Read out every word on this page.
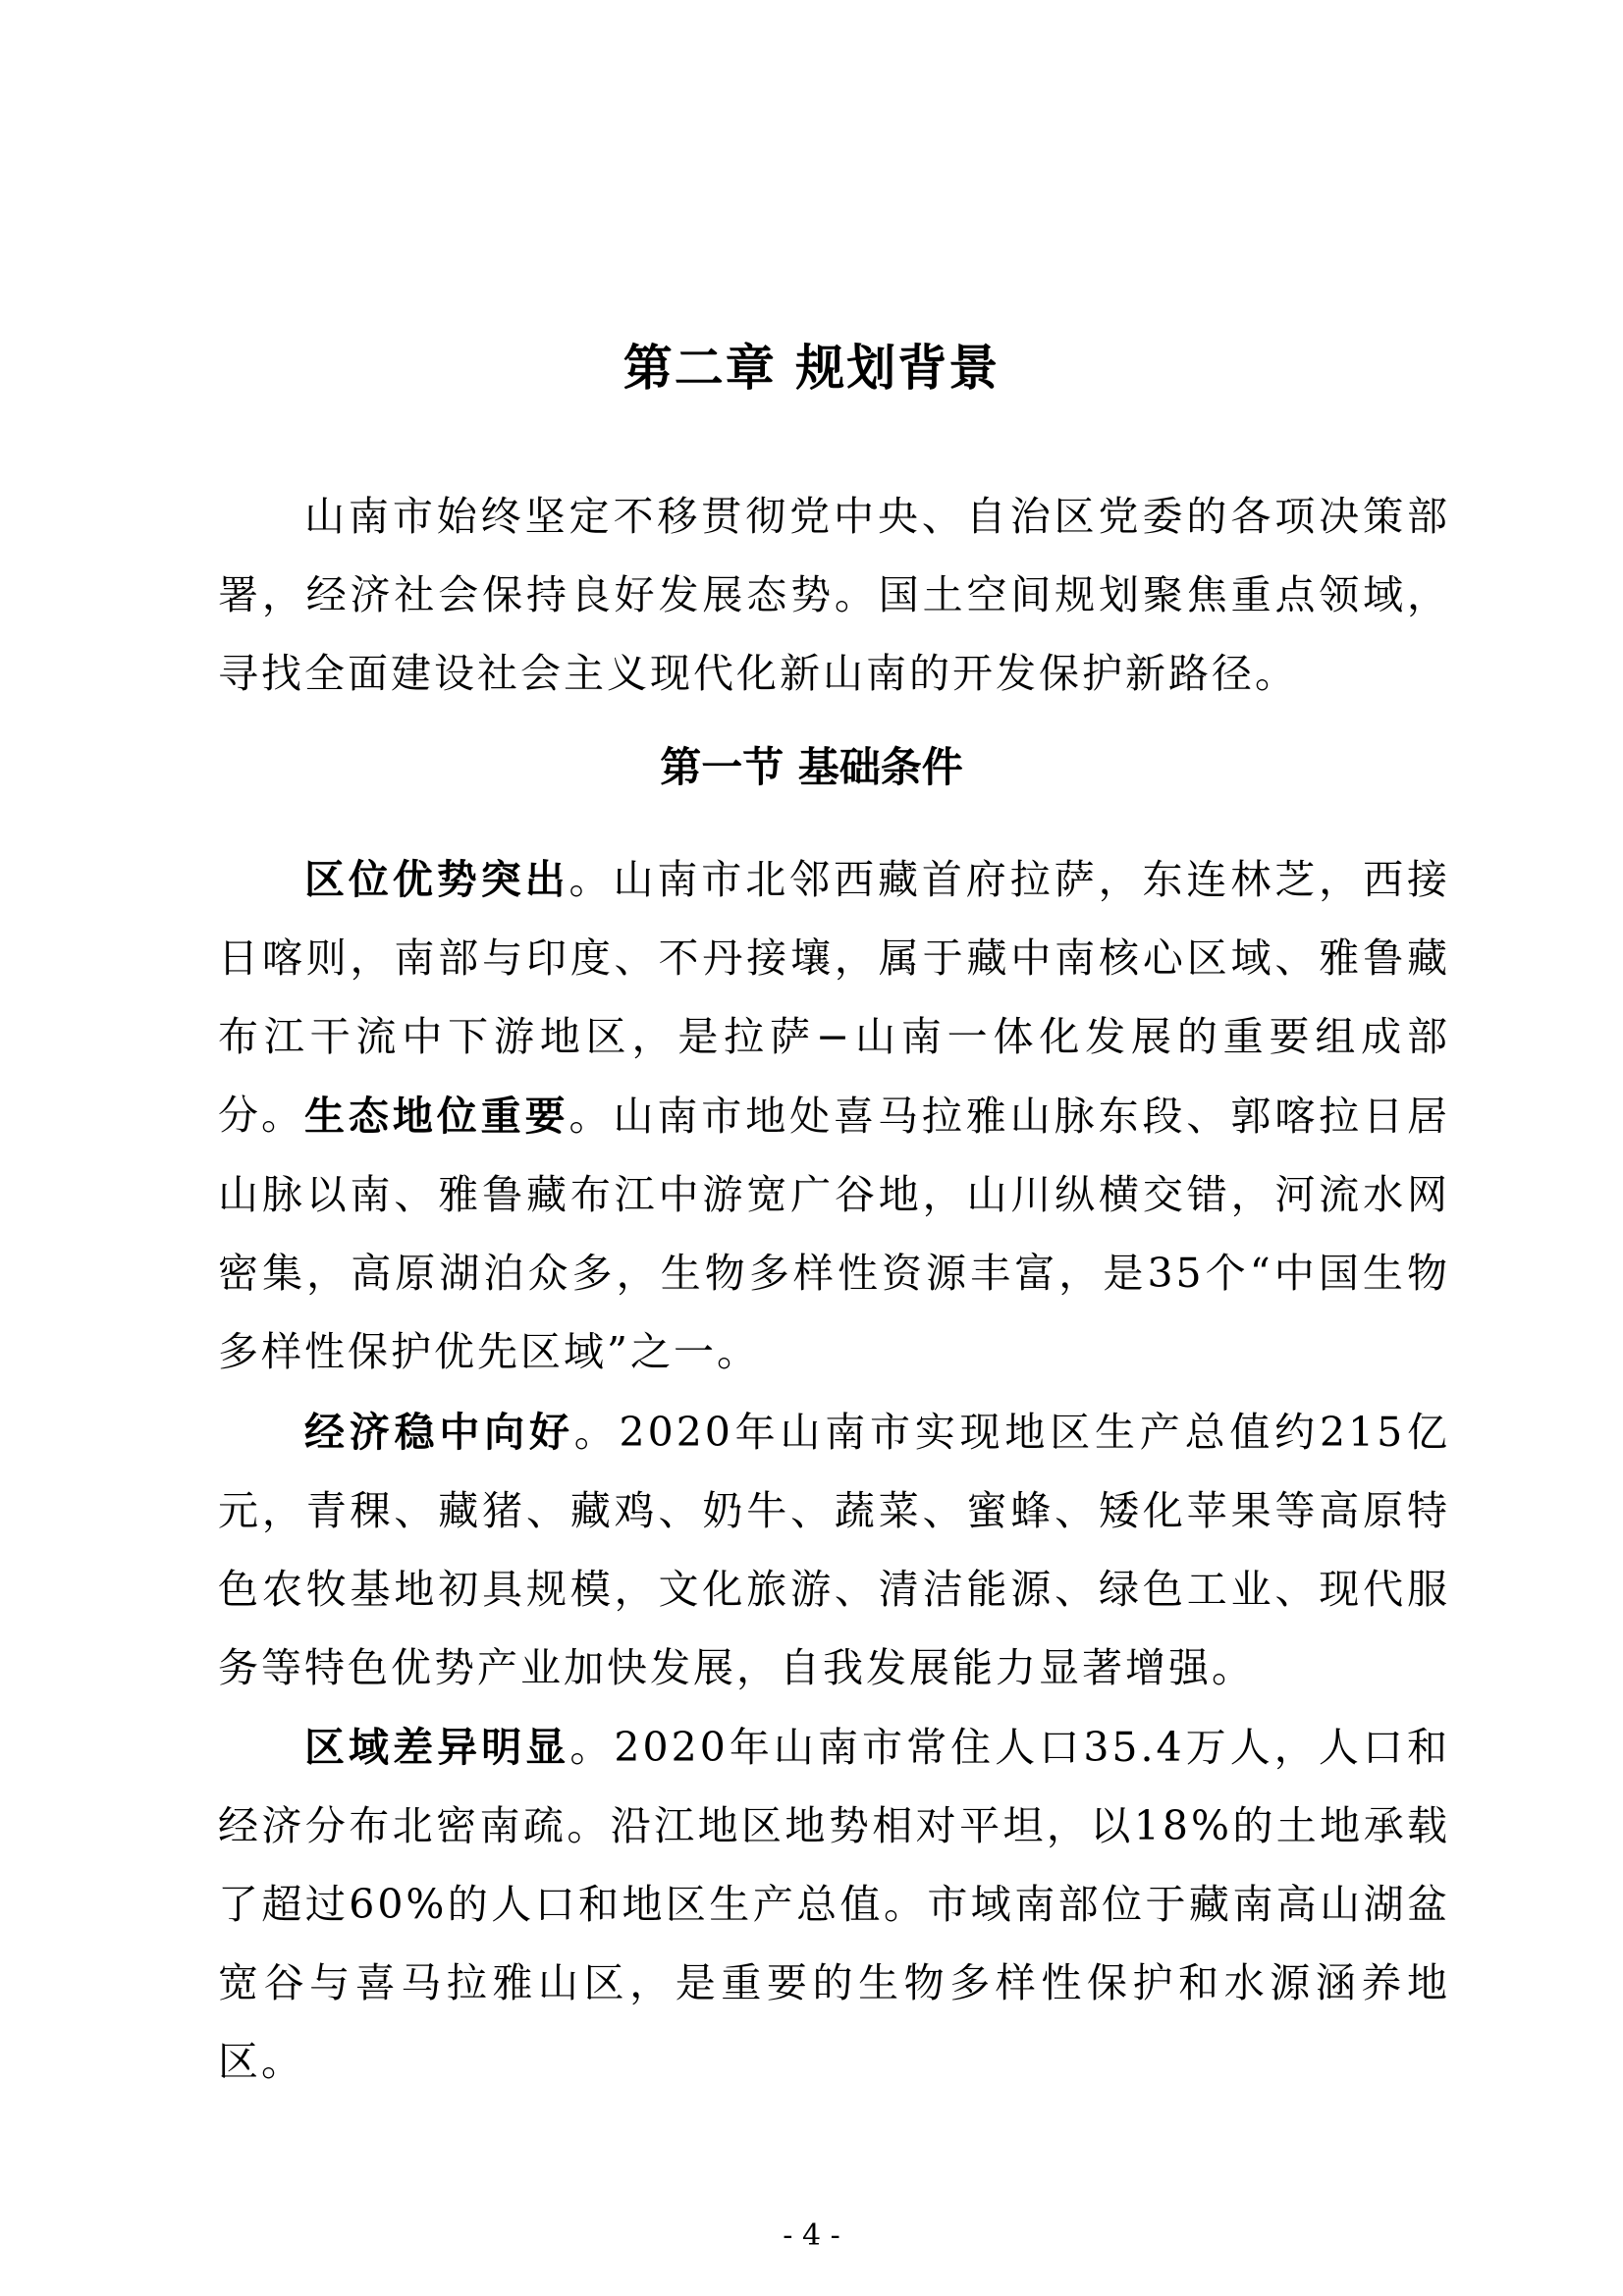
第二章 规划背景

山南市始终坚定不移贯彻党中央、自治区党委的各项决策部署，经济社会保持良好发展态势。国土空间规划聚焦重点领域，寻找全面建设社会主义现代化新山南的开发保护新路径。

第一节 基础条件

区位优势突出。山南市北邻西藏首府拉萨，东连林芝，西接日喀则，南部与印度、不丹接壤，属于藏中南核心区域、雅鲁藏布江干流中下游地区，是拉萨−山南一体化发展的重要组成部分。 生态地位重要。山南市地处喜马拉雅山脉东段、郭喀拉日居山脉以南、雅鲁藏布江中游宽广谷地，山川纵横交错，河流水网密集，高原湖泊众多，生物多样性资源丰富，是35个“中国生物多样性保护优先区域”之一。

经济稳中向好。2020年山南市实现地区生产总值约215亿元，青稞、藏猪、藏鸡、奶牛、蔬菜、蜜蜂、矮化苹果等高原特色农牧基地初具规模，文化旅游、清洁能源、绿色工业、现代服务等特色优势产业加快发展，自我发展能力显著增强。

区域差异明显。2020年山南市常住人口35.4万人，人口和经济分布北密南疏。沿江地区地势相对平坦，以18%的土地承载了超过60%的人口和地区生产总值。市域南部位于藏南高山湖盆宽谷与喜马拉雅山区，是重要的生物多样性保护和水源涵养地区。

- 4 -
